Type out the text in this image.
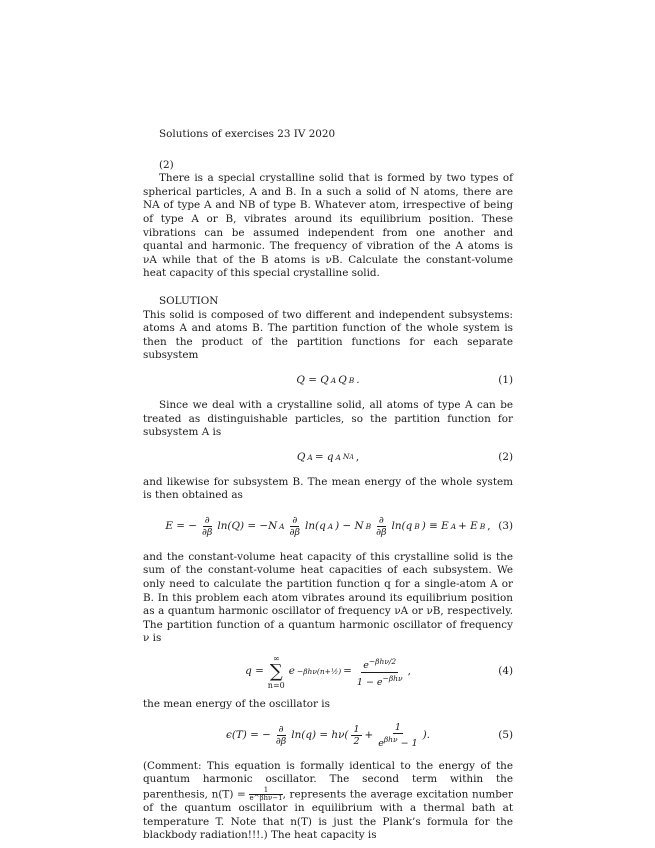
Solutions of exercises 23 IV 2020
(2)

There is a special crystalline solid that is formed by two types of spherical particles, A and B. In a such a solid of N atoms, there are NA of type A and NB of type B. Whatever atom, irrespective of being of type A or B, vibrates around its equilibrium position. These vibrations can be assumed independent from one another and quantal and harmonic. The frequency of vibration of the A atoms is νA while that of the B atoms is νB. Calculate the constant-volume heat capacity of this special crystalline solid.

SOLUTION

This solid is composed of two different and independent subsystems: atoms A and atoms B. The partition function of the whole system is then the product of the partition functions for each separate subsystem

Q = Q A Q B .	(1)

Since we deal with a crystalline solid, all atoms of type A can be treated as distinguishable particles, so the partition function for subsystem A is

Q A = q A NA ,	(2)

and likewise for subsystem B. The mean energy of the whole system is then obtained as

E = − $\frac{\partial}{\partial\beta} \ln(Q) = -N$ A $\frac{\partial}{\partial\beta} \ln(q$ A ) − N B $\frac{\partial}{\partial\beta} \ln(q$ B ) ≡ E A + E B , (3)

and the constant-volume heat capacity of this crystalline solid is the sum of the constant-volume heat capacities of each subsystem. We only need to calculate the partition function q for a single-atom A or B. In this problem each atom vibrates around its equilibrium position as a quantum harmonic oscillator of frequency νA or νB, respectively. The partition function of a quantum harmonic oscillator of frequency ν is

q =
∞
∑
n=0
e −βhν(n+½) = $\frac{e^{-\beta h\nu/2}}{1 - e^{-\beta h\nu}}$ ,	(4)

the mean energy of the oscillator is

ϵ(T) = − $\frac{\partial}{\partial\beta} \ln(q) = h\nu( \frac{1}{2} + \frac{1}{e^{\beta h\nu} - 1}$ ).	(5)

(Comment: This equation is formally identical to the energy of the quantum harmonic oscillator. The second term within the parenthesis, $n(T) = \frac{1}{\text{e\textasciicircum{}βhν−1}}$ , represents the average excitation number of the quantum oscillator in equilibrium with a thermal bath at temperature T. Note that n(T) is just the Plank’s formula for the blackbody radiation!!!.) The heat capacity is
